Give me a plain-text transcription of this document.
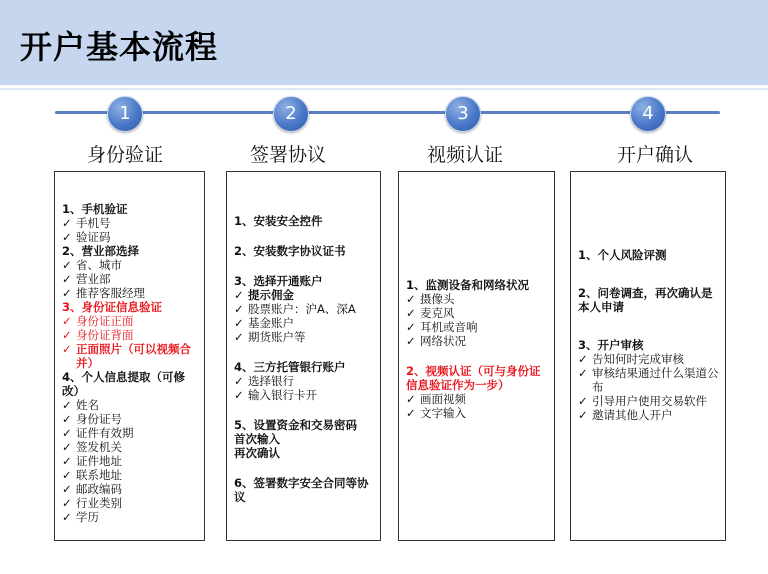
开户基本流程
1	2	3	4
身份验证	签署协议	视频认证	开户确认
1、手机验证
✓ 手机号
✓ 验证码
2、营业部选择
✓ 省、城市
✓ 营业部
✓ 推荐客服经理
3、身份证信息验证
✓ 身份证正面
✓ 身份证背面
✓ 正面照片（可以视频合并）
4、个人信息提取（可修改）
✓ 姓名
✓ 身份证号
✓ 证件有效期
✓ 签发机关
✓ 证件地址
✓ 联系地址
✓ 邮政编码
✓ 行业类别
✓ 学历
1、安装安全控件
2、安装数字协议证书
3、选择开通账户
✓ 提示佣金
✓ 股票账户：沪A、深A
✓ 基金账户
✓ 期货账户等
4、三方托管银行账户
✓ 选择银行
✓ 输入银行卡开
5、设置资金和交易密码
首次输入
再次确认
6、签署数字安全合同等协议
1、监测设备和网络状况
✓ 摄像头
✓ 麦克风
✓ 耳机或音响
✓ 网络状况
2、视频认证（可与身份证信息验证作为一步）
✓ 画面视频
✓ 文字输入
1、个人风险评测
2、问卷调查，再次确认是本人申请
3、开户审核
✓ 告知何时完成审核
✓ 审核结果通过什么渠道公布
✓ 引导用户使用交易软件
✓ 邀请其他人开户
